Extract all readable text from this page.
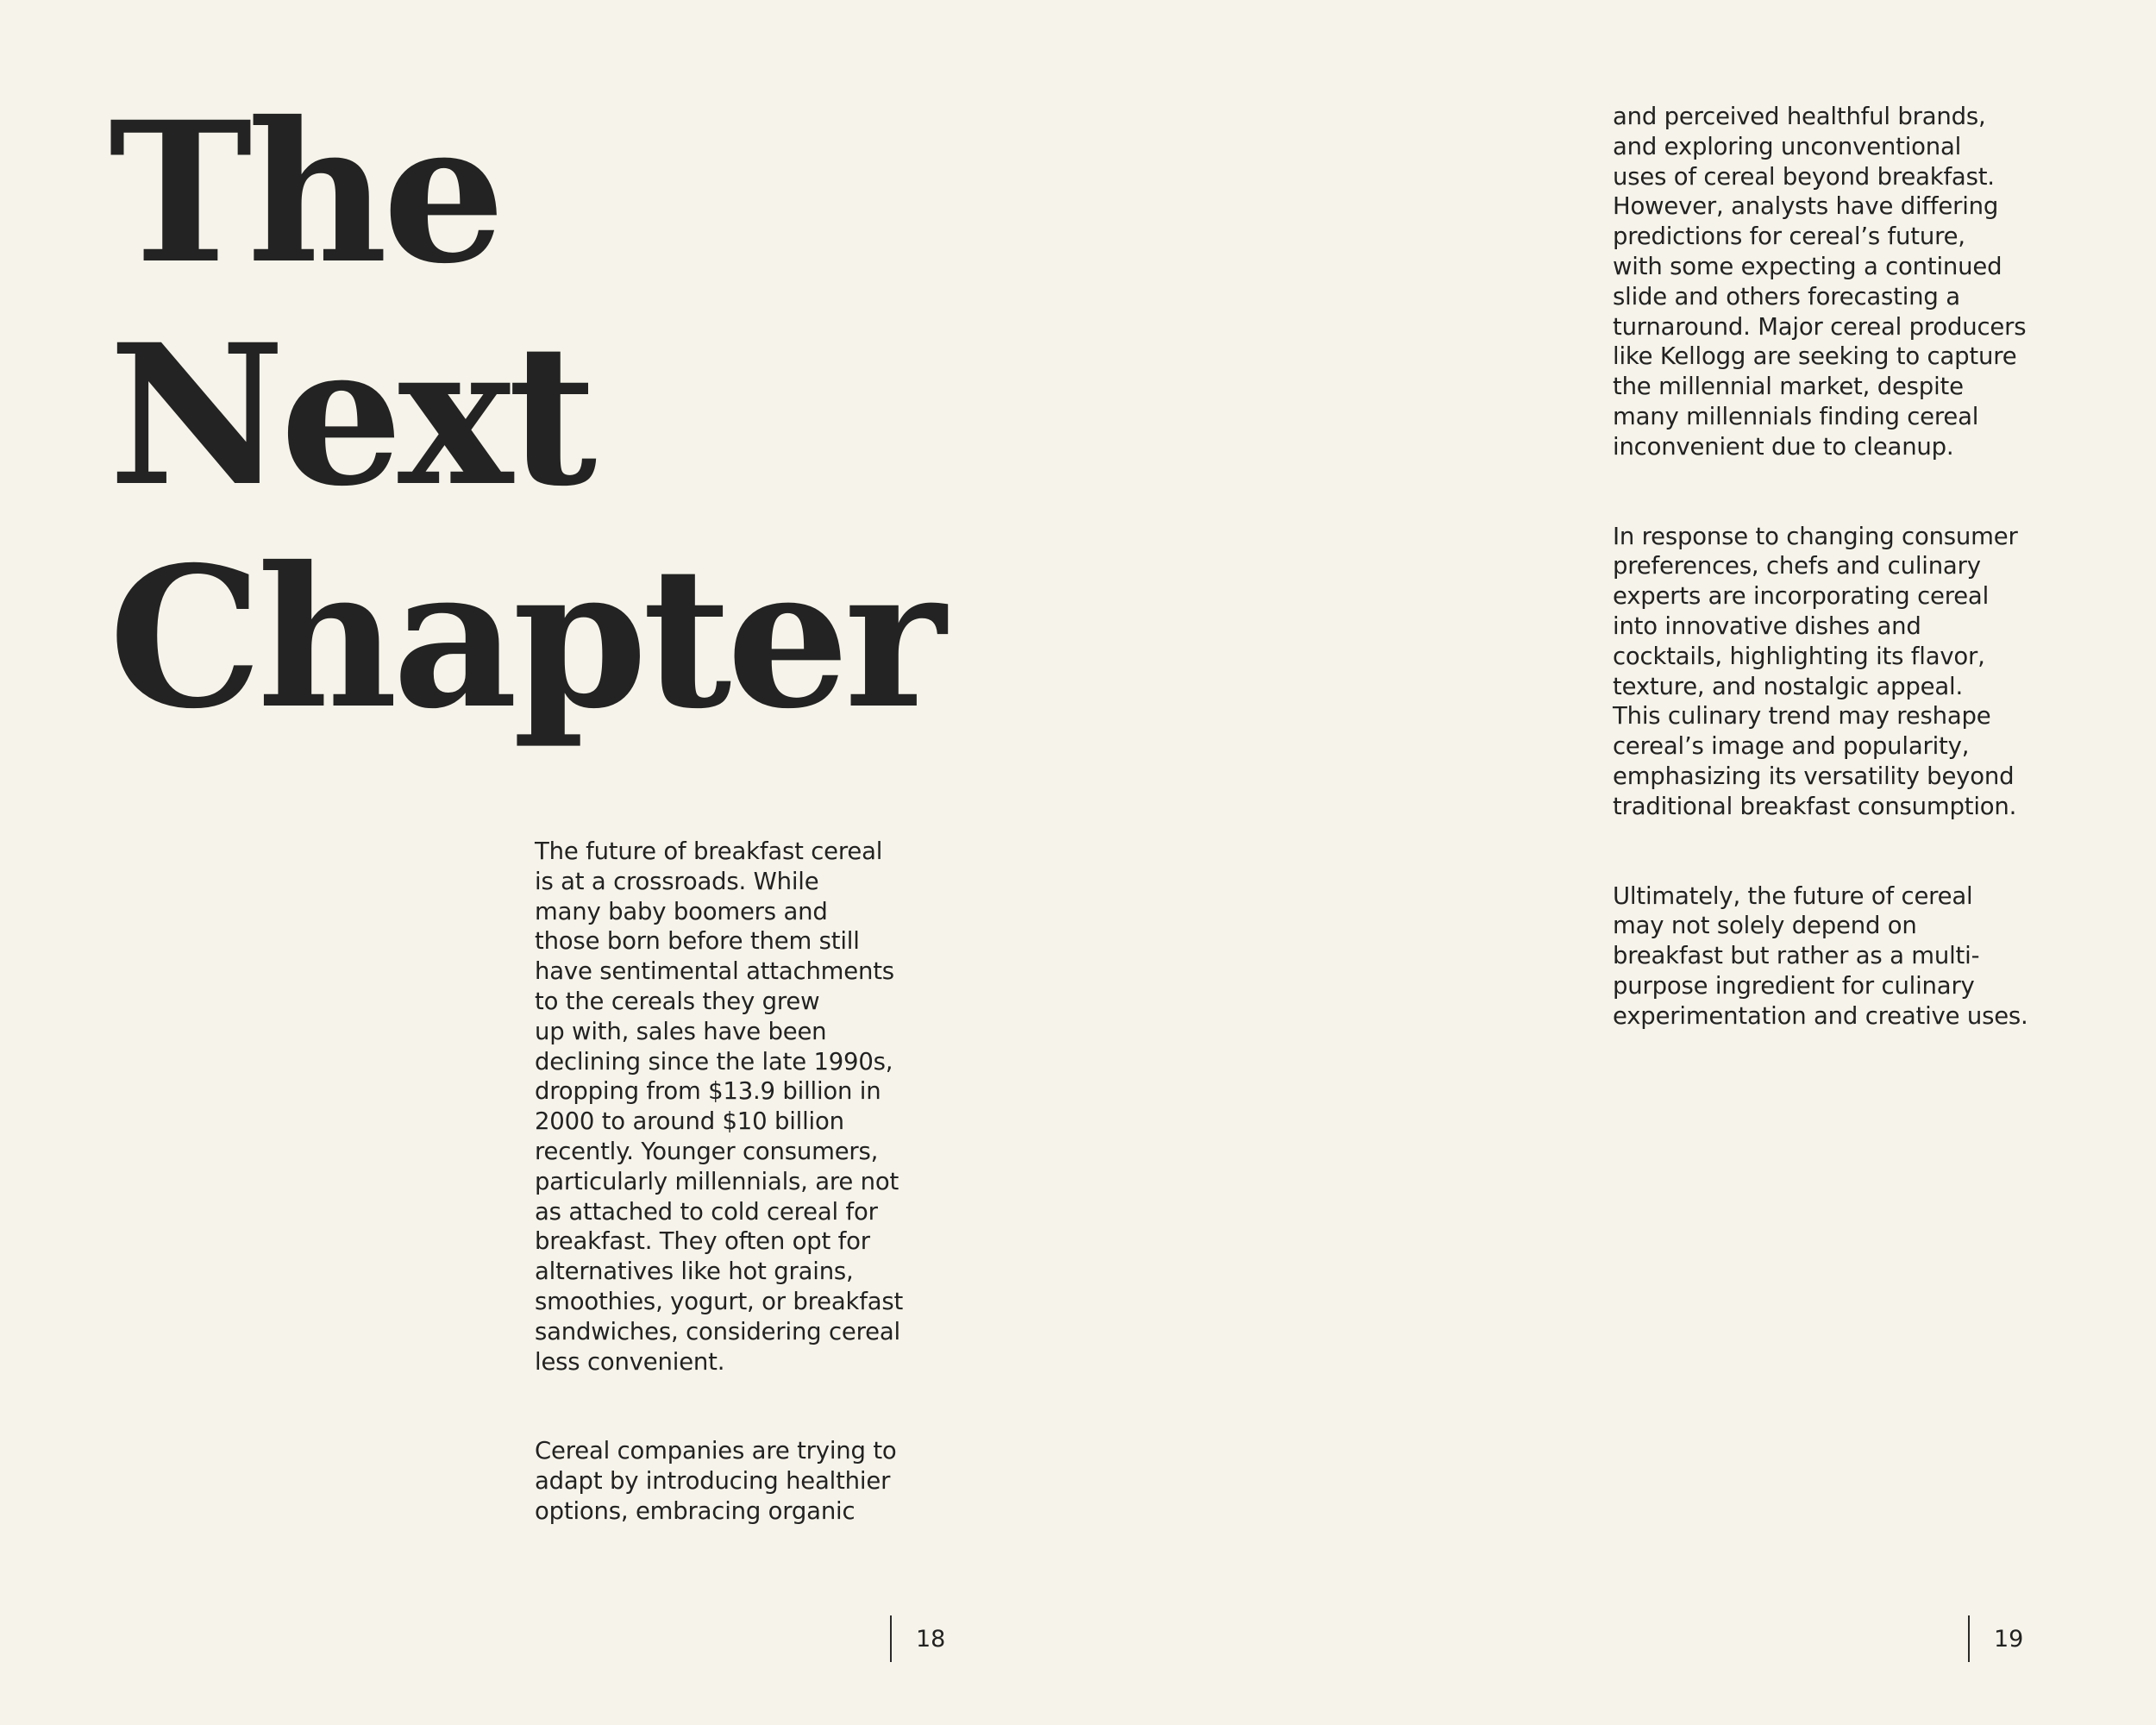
The
Next
Chapter

The future of breakfast cereal
is at a crossroads. While
many baby boomers and
those born before them still
have sentimental attachments
to the cereals they grew
up with, sales have been
declining since the late 1990s,
dropping from $13.9 billion in
2000 to around $10 billion
recently. Younger consumers,
particularly millennials, are not
as attached to cold cereal for
breakfast. They often opt for
alternatives like hot grains,
smoothies, yogurt, or breakfast
sandwiches, considering cereal
less convenient.

Cereal companies are trying to
adapt by introducing healthier
options, embracing organic

18

and perceived healthful brands,
and exploring unconventional
uses of cereal beyond breakfast.
However, analysts have differing
predictions for cereal’s future,
with some expecting a continued
slide and others forecasting a
turnaround. Major cereal producers
like Kellogg are seeking to capture
the millennial market, despite
many millennials finding cereal
inconvenient due to cleanup.

In response to changing consumer
preferences, chefs and culinary
experts are incorporating cereal
into innovative dishes and
cocktails, highlighting its flavor,
texture, and nostalgic appeal.
This culinary trend may reshape
cereal’s image and popularity,
emphasizing its versatility beyond
traditional breakfast consumption.

Ultimately, the future of cereal
may not solely depend on
breakfast but rather as a multi-
purpose ingredient for culinary
experimentation and creative uses.

19
